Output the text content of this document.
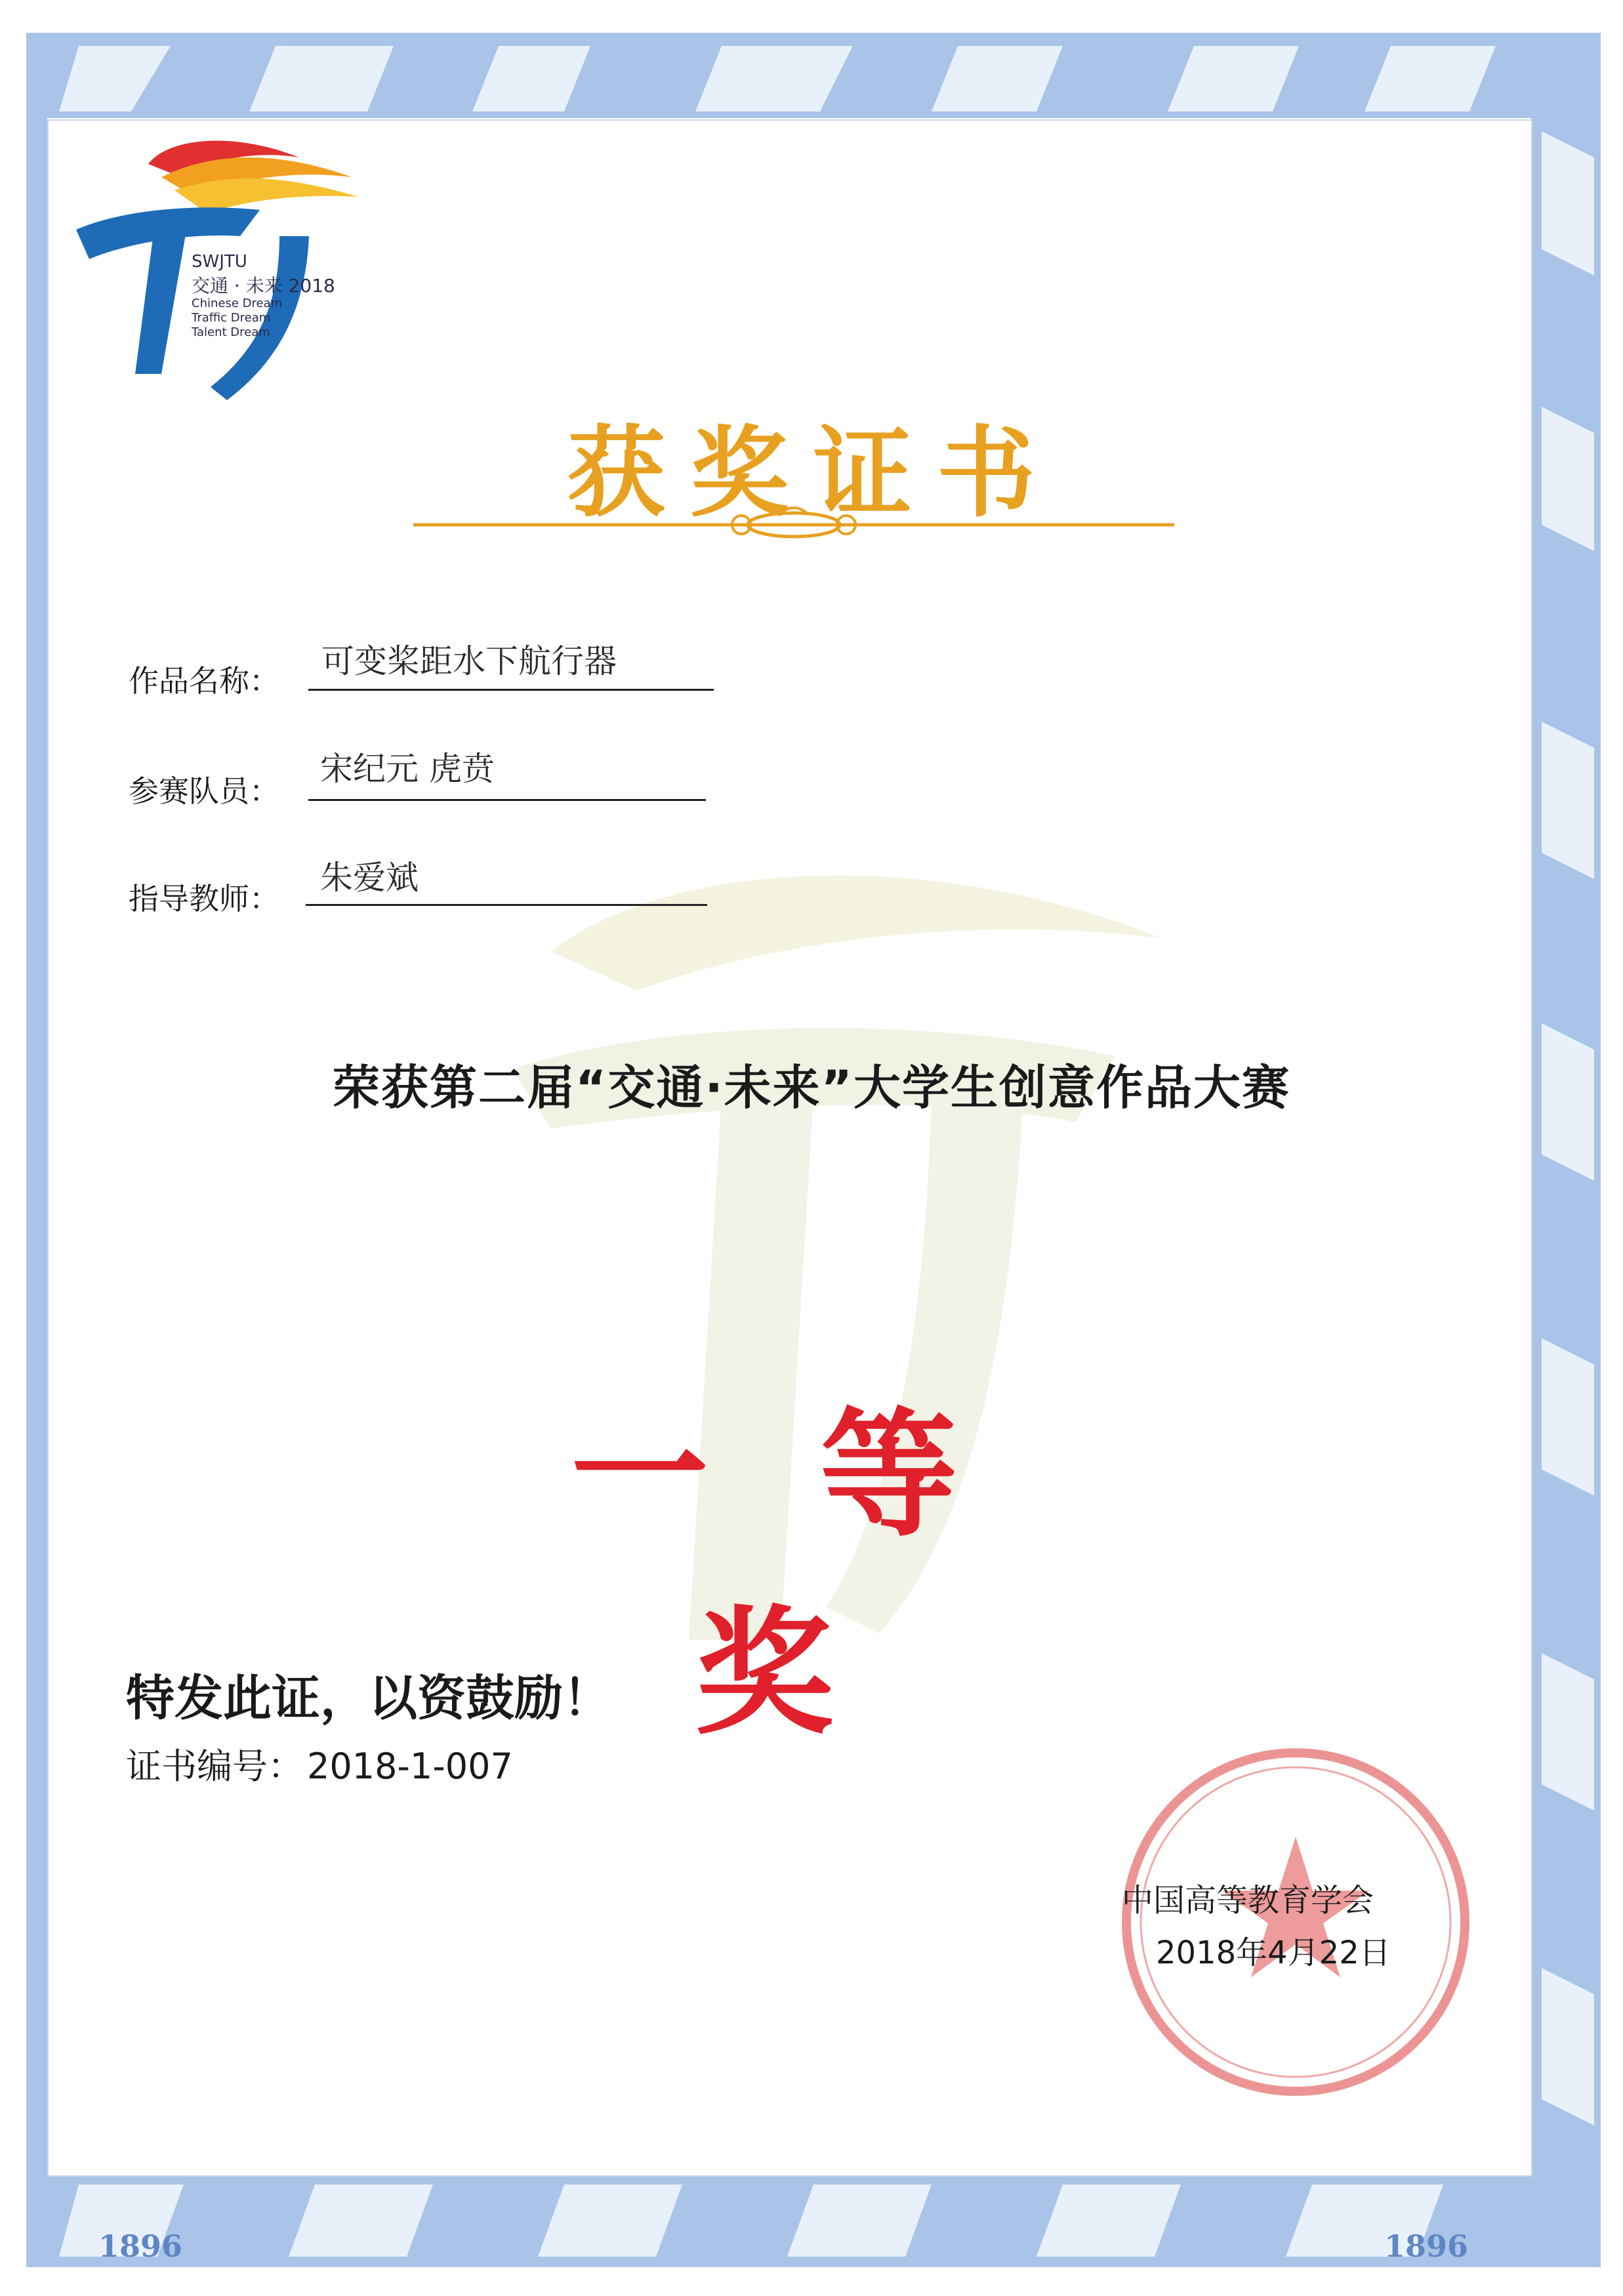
1896	1896
SWJTU
交通 · 未来 2018
Chinese Dream
Traffic Dream
Talent Dream
获奖证书
作品名称：
可变桨距水下航行器
参赛队员：
宋纪元 虎贲
指导教师：
朱爱斌
荣获第二届“交通·未来”大学生创意作品大赛
一等奖
特发此证，以资鼓励！
证书编号： 2018-1-007
中国高等教育学会
2018年4月22日
